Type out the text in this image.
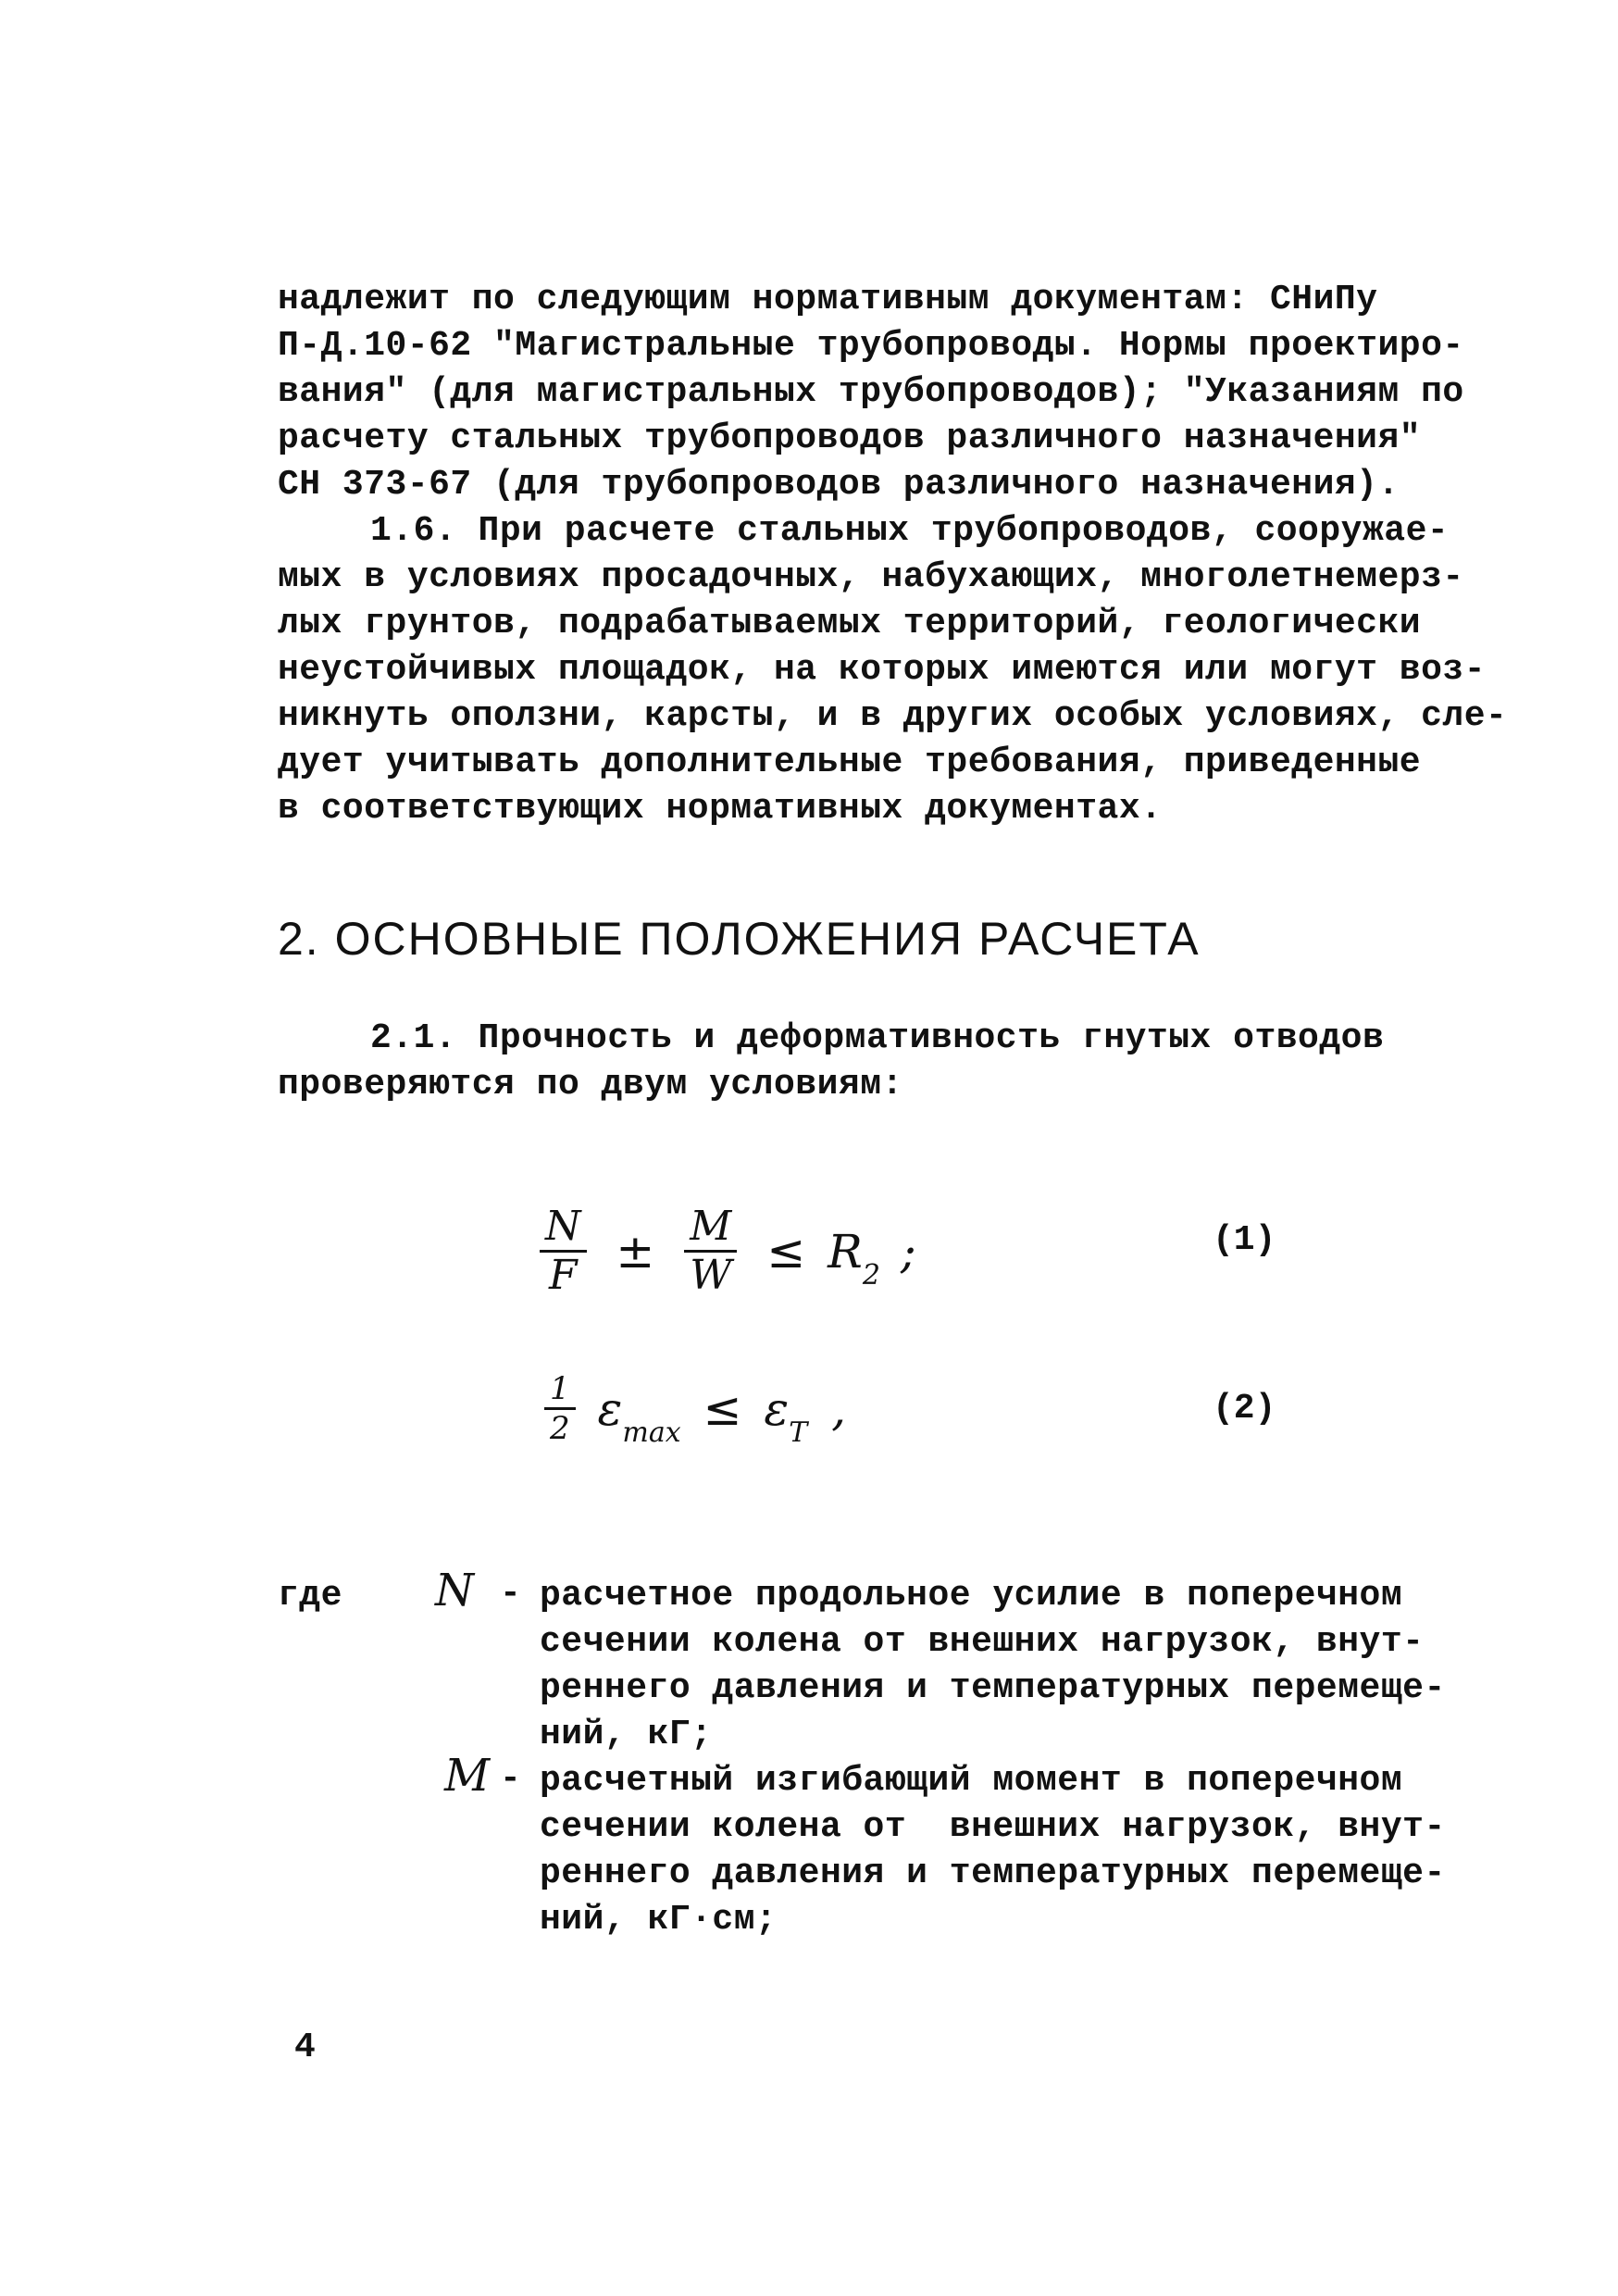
надлежит по следующим нормативным документам: СНиПу
П-Д.10-62 "Магистральные трубопроводы. Нормы проектиро-
вания" (для магистральных трубопроводов); "Указаниям по
расчету стальных трубопроводов различного назначения"
СН 373-67 (для трубопроводов различного назначения).
1.6. При расчете стальных трубопроводов, сооружае-
мых в условиях просадочных, набухающих, многолетнемерз-
лых грунтов, подрабатываемых территорий, геологически
неустойчивых площадок, на которых имеются или могут воз-
никнуть оползни, карсты, и в других особых условиях, сле-
дует учитывать дополнительные требования, приведенные
в соответствующих нормативных документах.
2. ОСНОВНЫЕ ПОЛОЖЕНИЯ РАСЧЕТА
2.1. Прочность и деформативность гнутых отводов
проверяются по двум условиям:
$\frac{N}{F} \pm \frac{M}{W} \le R_2$ ;	(1)
$\frac{1}{2} \varepsilon_{max} \le \varepsilon_T$ ,	(2)
где N - расчетное продольное усилие в поперечном
сечении колена от внешних нагрузок, внут-
реннего давления и температурных перемеще-
ний, кГ;
M - расчетный изгибающий момент в поперечном
сечении колена от  внешних нагрузок, внут-
реннего давления и температурных перемеще-
ний, кГ·см;
4
